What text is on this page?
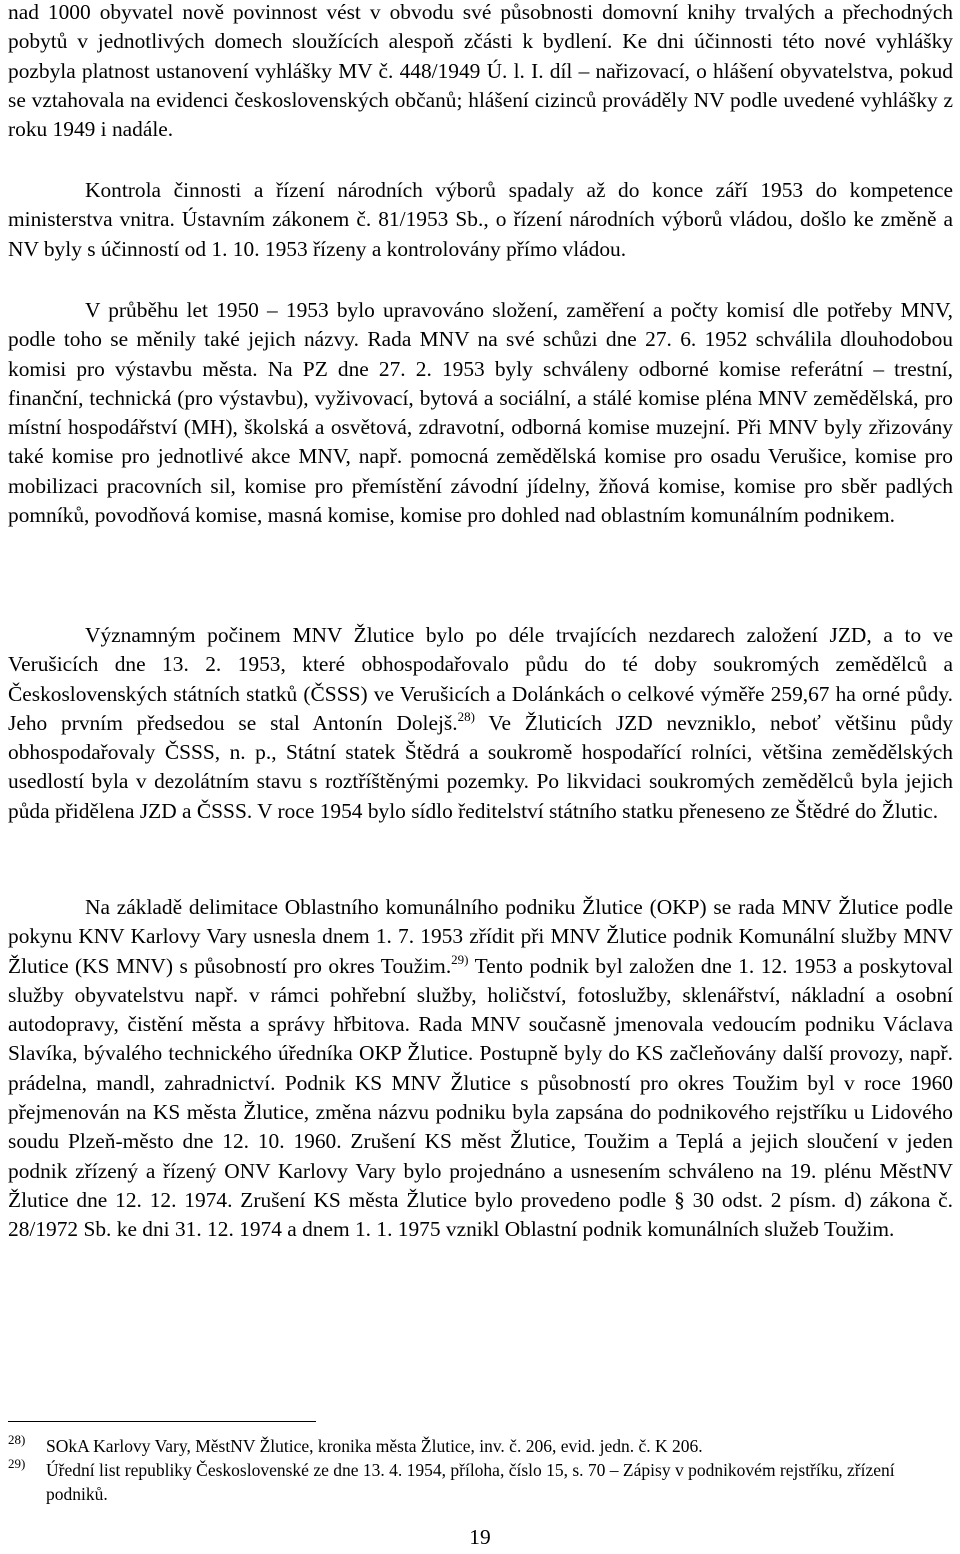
nad 1000 obyvatel nově povinnost vést v obvodu své působnosti domovní knihy trvalých a přechodných pobytů v jednotlivých domech sloužících alespoň zčásti k bydlení. Ke dni účinnosti této nové vyhlášky pozbyla platnost ustanovení vyhlášky MV č. 448/1949 Ú. l. I. díl – nařizovací, o hlášení obyvatelstva, pokud se vztahovala na evidenci československých občanů; hlášení cizinců prováděly NV podle uvedené vyhlášky z roku 1949 i nadále.

Kontrola činnosti a řízení národních výborů spadaly až do konce září 1953 do kompetence ministerstva vnitra. Ústavním zákonem č. 81/1953 Sb., o řízení národních výborů vládou, došlo ke změně a NV byly s účinností od 1. 10. 1953 řízeny a kontrolovány přímo vládou.

V průběhu let 1950 – 1953 bylo upravováno složení, zaměření a počty komisí dle potřeby MNV, podle toho se měnily také jejich názvy. Rada MNV na své schůzi dne 27. 6. 1952 schválila dlouhodobou komisi pro výstavbu města. Na PZ dne 27. 2. 1953 byly schváleny odborné komise referátní – trestní, finanční, technická (pro výstavbu), vyživovací, bytová a sociální, a stálé komise pléna MNV zemědělská, pro místní hospodářství (MH), školská a osvětová, zdravotní, odborná komise muzejní. Při MNV byly zřizovány také komise pro jednotlivé akce MNV, např. pomocná zemědělská komise pro osadu Verušice, komise pro mobilizaci pracovních sil, komise pro přemístění závodní jídelny, žňová komise, komise pro sběr padlých pomníků, povodňová komise, masná komise, komise pro dohled nad oblastním komunálním podnikem.

Významným počinem MNV Žlutice bylo po déle trvajících nezdarech založení JZD, a to ve Verušicích dne 13. 2. 1953, které obhospodařovalo půdu do té doby soukromých zemědělců a Československých státních statků (ČSSS) ve Verušicích a Dolánkách o celkové výměře 259,67 ha orné půdy. Jeho prvním předsedou se stal Antonín Dolejš.$^{28)}$ Ve Žluticích JZD nevzniklo, neboť většinu půdy obhospodařovaly ČSSS, n. p., Státní statek Štědrá a soukromě hospodařící rolníci, většina zemědělských usedlostí byla v dezolátním stavu s roztříštěnými pozemky. Po likvidaci soukromých zemědělců byla jejich půda přidělena JZD a ČSSS. V roce 1954 bylo sídlo ředitelství státního statku přeneseno ze Štědré do Žlutic.

Na základě delimitace Oblastního komunálního podniku Žlutice (OKP) se rada MNV Žlutice podle pokynu KNV Karlovy Vary usnesla dnem 1. 7. 1953 zřídit při MNV Žlutice podnik Komunální služby MNV Žlutice (KS MNV) s působností pro okres Toužim.$^{29)}$ Tento podnik byl založen dne 1. 12. 1953 a poskytoval služby obyvatelstvu např. v rámci pohřební služby, holičství, fotoslužby, sklenářství, nákladní a osobní autodopravy, čistění města a správy hřbitova. Rada MNV současně jmenovala vedoucím podniku Václava Slavíka, bývalého technického úředníka OKP Žlutice. Postupně byly do KS začleňovány další provozy, např. prádelna, mandl, zahradnictví. Podnik KS MNV Žlutice s působností pro okres Toužim byl v roce 1960 přejmenován na KS města Žlutice, změna názvu podniku byla zapsána do podnikového rejstříku u Lidového soudu Plzeň-město dne 12. 10. 1960. Zrušení KS měst Žlutice, Toužim a Teplá a jejich sloučení v jeden podnik zřízený a řízený ONV Karlovy Vary bylo projednáno a usnesením schváleno na 19. plénu MěstNV Žlutice dne 12. 12. 1974. Zrušení KS města Žlutice bylo provedeno podle § 30 odst. 2 písm. d) zákona č. 28/1972 Sb. ke dni 31. 12. 1974 a dnem 1. 1. 1975 vznikl Oblastní podnik komunálních služeb Toužim.

28) SOkA Karlovy Vary, MěstNV Žlutice, kronika města Žlutice, inv. č. 206, evid. jedn. č. K 206.
29) Úřední list republiky Československé ze dne 13. 4. 1954, příloha, číslo 15, s. 70 – Zápisy v podnikovém rejstříku, zřízení podniků.
19
